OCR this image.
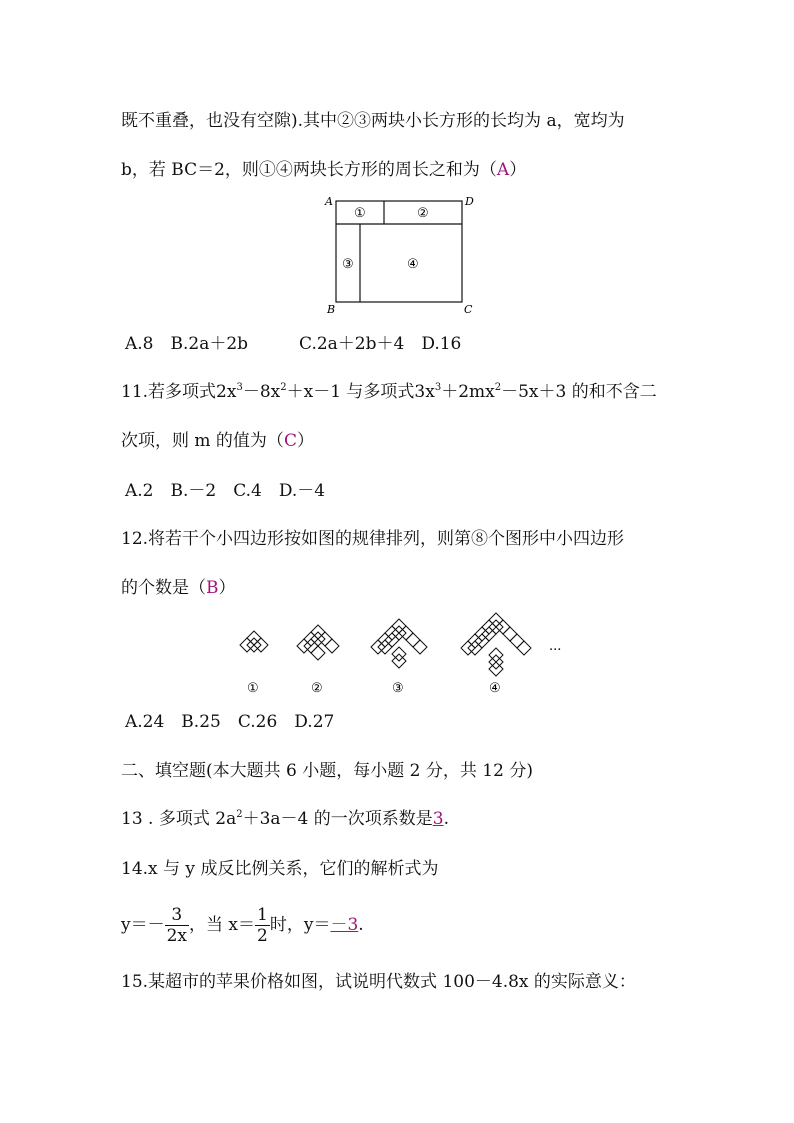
既不重叠，也没有空隙).其中②③两块小长方形的长均为 a，宽均为
b，若 BC＝2，则①④两块长方形的周长之和为（A）
A	D
B	C
①	②
③	④
A.8　B.2a＋2b　　　C.2a＋2b＋4　D.16
11.若多项式$2x^3-8x^2+x-1$ 与多项式$3x^3+2mx^2-5x+3$ 的和不含二
次项，则 m 的值为（C）
A.2　B.－2　C.4　D.－4
12.将若干个小四边形按如图的规律排列，则第⑧个图形中小四边形
的个数是（B）
①	②	③	④
...
A.24　B.25　C.26　D.27
二、填空题(本大题共 6 小题，每小题 2 分，共 12 分)
13 . 多项式 $2a^2+3a-4$ 的一次项系数是3.
14.x 与 y 成反比例关系，它们的解析式为
$y=- \frac{3}{2x}$ ，当 $x= \frac{1}{2}$ 时，y＝－3.
15.某超市的苹果价格如图，试说明代数式 100－4.8x 的实际意义：
